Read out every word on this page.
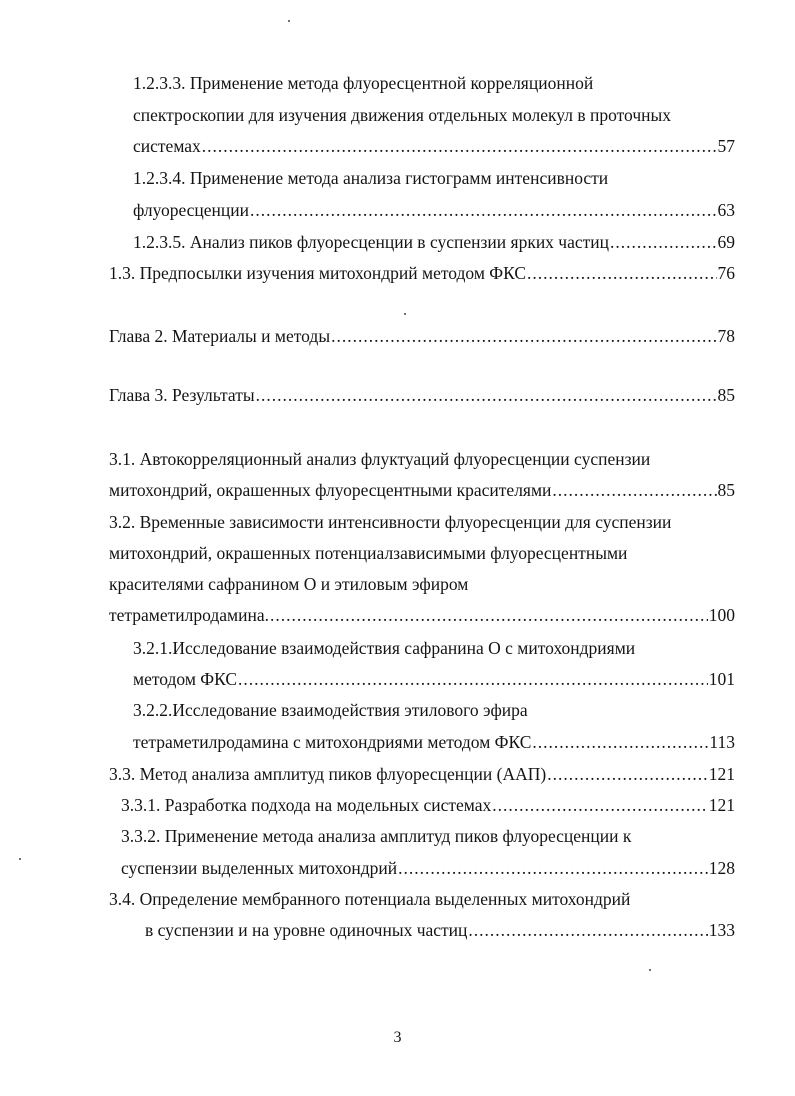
1.2.3.3. Применение метода флуоресцентной корреляционной
спектроскопии для изучения движения отдельных молекул в проточных
системах .....	57
1.2.3.4. Применение метода анализа гистограмм интенсивности
флуоресценции .....	63
1.2.3.5. Анализ пиков флуоресценции в суспензии ярких частиц .....	69
1.3. Предпосылки изучения митохондрий методом ФКС .....	76
Глава 2. Материалы и методы .....	78
Глава 3. Результаты .....	85
3.1. Автокорреляционный анализ флуктуаций флуоресценции суспензии
митохондрий, окрашенных флуоресцентными красителями .....	85
3.2. Временные зависимости интенсивности флуоресценции для суспензии
митохондрий, окрашенных потенциалзависимыми флуоресцентными
красителями сафранином О и этиловым эфиром
тетраметилродамина. .....	100
3.2.1.Исследование взаимодействия сафранина О с митохондриями
методом ФКС .....	101
3.2.2.Исследование взаимодействия этилового эфира
тетраметилродамина с митохондриями методом ФКС .....	113
3.3. Метод анализа амплитуд пиков флуоресценции (ААП) .....	121
3.3.1. Разработка подхода на модельных системах .....	121
3.3.2. Применение метода анализа амплитуд пиков флуоресценции к
суспензии выделенных митохондрий .....	128
3.4. Определение мембранного потенциала выделенных митохондрий
в суспензии и на уровне одиночных частиц .....	133
3
